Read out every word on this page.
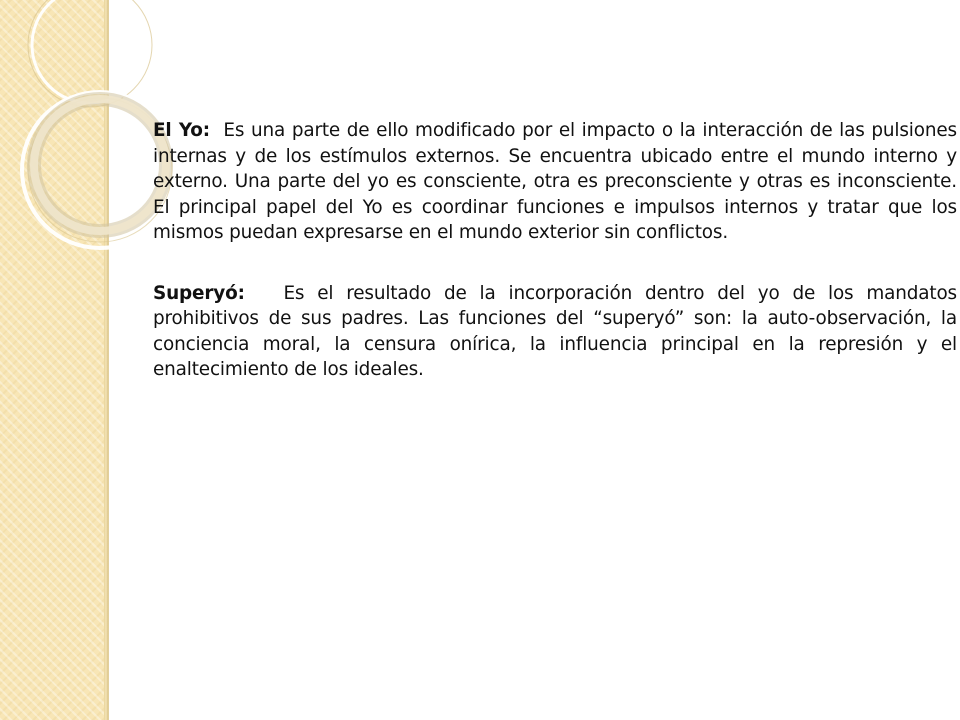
El Yo: Es una parte de ello modificado por el impacto o la interacción de las pulsiones internas y de los estímulos externos. Se encuentra ubicado entre el mundo interno y externo. Una parte del yo es consciente, otra es preconsciente y otras es inconsciente. El principal papel del Yo es coordinar funciones e impulsos internos y tratar que los mismos puedan expresarse en el mundo exterior sin conflictos.

Superyó: Es el resultado de la incorporación dentro del yo de los mandatos prohibitivos de sus padres. Las funciones del “superyó” son: la auto-observación, la conciencia moral, la censura onírica, la influencia principal en la represión y el enaltecimiento de los ideales.
